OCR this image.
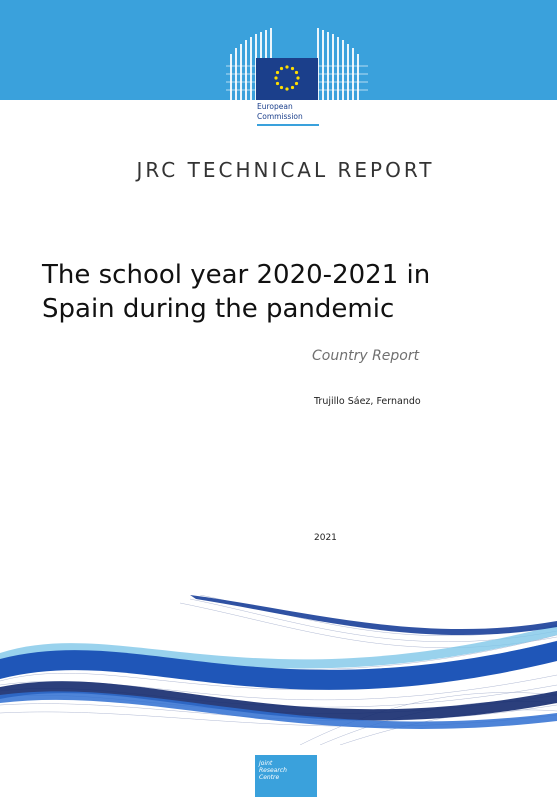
European
Commission
JRC TECHNICAL REPORT
The school year 2020-2021 in
Spain during the pandemic
Country Report
Trujillo Sáez, Fernando
2021
Joint
Research
Centre
